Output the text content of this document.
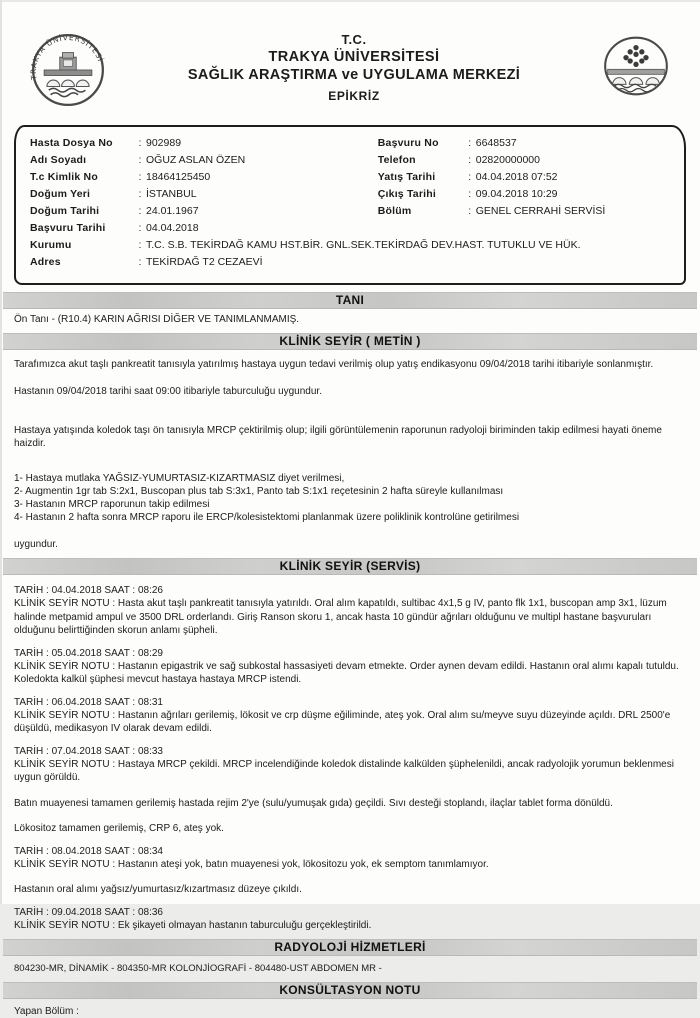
TRAKYA ÜNİVERSİTESİ
T.C.
TRAKYA ÜNİVERSİTESİ
SAĞLIK ARAŞTIRMA ve UYGULAMA MERKEZİ
EPİKRİZ
Hasta Dosya No	: 902989
Adı Soyadı	: OĞUZ ASLAN ÖZEN
T.c Kimlik No	: 18464125450
Doğum Yeri	: İSTANBUL
Doğum Tarihi	: 24.01.1967
Başvuru Tarihi	: 04.04.2018
Başvuru No	: 6648537
Telefon	: 02820000000
Yatış Tarihi	: 04.04.2018 07:52
Çıkış Tarihi	: 09.04.2018 10:29
Bölüm	: GENEL CERRAHİ SERVİSİ
Kurumu	: T.C. S.B. TEKİRDAĞ KAMU HST.BİR. GNL.SEK.TEKİRDAĞ DEV.HAST. TUTUKLU VE HÜK.
Adres	: TEKİRDAĞ T2 CEZAEVİ
TANI
Ön Tanı - (R10.4) KARIN AĞRISI DİĞER VE TANIMLANMAMIŞ.
KLİNİK SEYİR ( METİN )
Tarafımızca akut taşlı pankreatit tanısıyla yatırılmış hastaya uygun tedavi verilmiş olup yatış endikasyonu 09/04/2018 tarihi itibariyle sonlanmıştır.
Hastanın 09/04/2018 tarihi saat 09:00 itibariyle taburculuğu uygundur.
Hastaya yatışında koledok taşı ön tanısıyla MRCP çektirilmiş olup; ilgili görüntülemenin raporunun radyoloji biriminden takip edilmesi hayati öneme haizdir.
1- Hastaya mutlaka YAĞSIZ-YUMURTASIZ-KIZARTMASIZ diyet verilmesi,
2- Augmentin 1gr tab S:2x1, Buscopan plus tab S:3x1, Panto tab S:1x1 reçetesinin 2 hafta süreyle kullanılması
3- Hastanın MRCP raporunun takip edilmesi
4- Hastanın 2 hafta sonra MRCP raporu ile ERCP/kolesistektomi planlanmak üzere poliklinik kontrolüne getirilmesi
uygundur.
KLİNİK SEYİR (SERVİS)
TARİH : 04.04.2018 SAAT : 08:26
KLİNİK SEYİR NOTU : Hasta akut taşlı pankreatit tanısıyla yatırıldı. Oral alım kapatıldı, sultibac 4x1,5 g IV, panto flk 1x1, buscopan amp 3x1, lüzum halinde metpamid ampul ve 3500 DRL orderlandı. Giriş Ranson skoru 1, ancak hasta 10 gündür ağrıları olduğunu ve multipl hastane başvuruları olduğunu belirttiğinden skorun anlamı şüpheli.
TARİH : 05.04.2018 SAAT : 08:29
KLİNİK SEYİR NOTU : Hastanın epigastrik ve sağ subkostal hassasiyeti devam etmekte. Order aynen devam edildi. Hastanın oral alımı kapalı tutuldu. Koledokta kalkül şüphesi mevcut hastaya hastaya MRCP istendi.
TARİH : 06.04.2018 SAAT : 08:31
KLİNİK SEYİR NOTU : Hastanın ağrıları gerilemiş, lökosit ve crp düşme eğiliminde, ateş yok. Oral alım su/meyve suyu düzeyinde açıldı. DRL 2500'e düşüldü, medikasyon IV olarak devam edildi.
TARİH : 07.04.2018 SAAT : 08:33
KLİNİK SEYİR NOTU : Hastaya MRCP çekildi. MRCP incelendiğinde koledok distalinde kalkülden şüphelenildi, ancak radyolojik yorumun beklenmesi uygun görüldü.
Batın muayenesi tamamen gerilemiş hastada rejim 2'ye (sulu/yumuşak gıda) geçildi. Sıvı desteği stoplandı, ilaçlar tablet forma dönüldü.
Lökositoz tamamen gerilemiş, CRP 6, ateş yok.
TARİH : 08.04.2018 SAAT : 08:34
KLİNİK SEYİR NOTU : Hastanın ateşi yok, batın muayenesi yok, lökositozu yok, ek semptom tanımlamıyor.
Hastanın oral alımı yağsız/yumurtasız/kızartmasız düzeye çıkıldı.
TARİH : 09.04.2018 SAAT : 08:36
KLİNİK SEYİR NOTU : Ek şikayeti olmayan hastanın taburculuğu gerçekleştirildi.
RADYOLOJİ HİZMETLERİ
804230-MR, DİNAMİK - 804350-MR KOLONJİOGRAFİ - 804480-UST ABDOMEN MR -
KONSÜLTASYON NOTU
Yapan Bölüm :
